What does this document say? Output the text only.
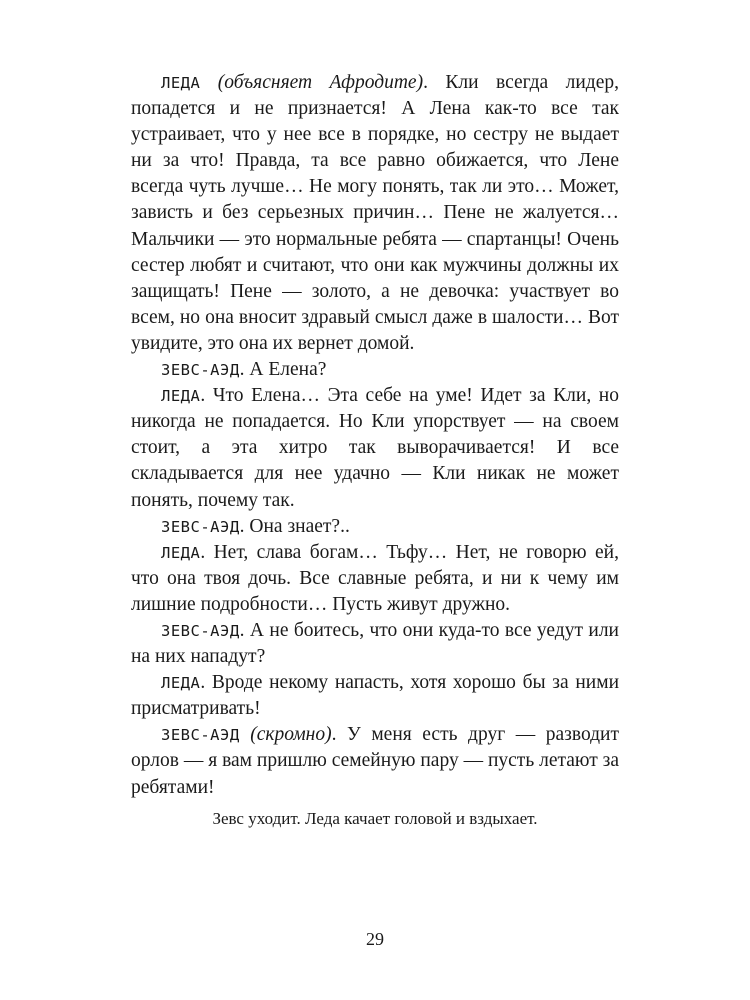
ЛЕДА (объясняет Афродите). Кли всегда лидер, попадется и не признается! А Лена как-то все так устраивает, что у нее все в порядке, но сестру не выдает ни за что! Правда, та все равно обижается, что Лене всегда чуть лучше… Не могу понять, так ли это… Может, зависть и без серьезных причин… Пене не жалуется… Мальчики — это нормальные ребята — спартанцы! Очень сестер любят и считают, что они как мужчины должны их защищать! Пене — золото, а не девочка: участвует во всем, но она вносит здравый смысл даже в шалости… Вот увидите, это она их вернет домой.

ЗЕВС-АЭД. А Елена?

ЛЕДА. Что Елена… Эта себе на уме! Идет за Кли, но никогда не попадается. Но Кли упорствует — на своем стоит, а эта хитро так выворачивается! И все складывается для нее удачно — Кли никак не может понять, почему так.

ЗЕВС-АЭД. Она знает?..

ЛЕДА. Нет, слава богам… Тьфу… Нет, не говорю ей, что она твоя дочь. Все славные ребята, и ни к чему им лишние подробности… Пусть живут дружно.

ЗЕВС-АЭД. А не боитесь, что они куда-то все уедут или на них нападут?

ЛЕДА. Вроде некому напасть, хотя хорошо бы за ними присматривать!

ЗЕВС-АЭД (скромно). У меня есть друг — разводит орлов — я вам пришлю семейную пару — пусть летают за ребятами!

Зевс уходит. Леда качает головой и вздыхает.
29
